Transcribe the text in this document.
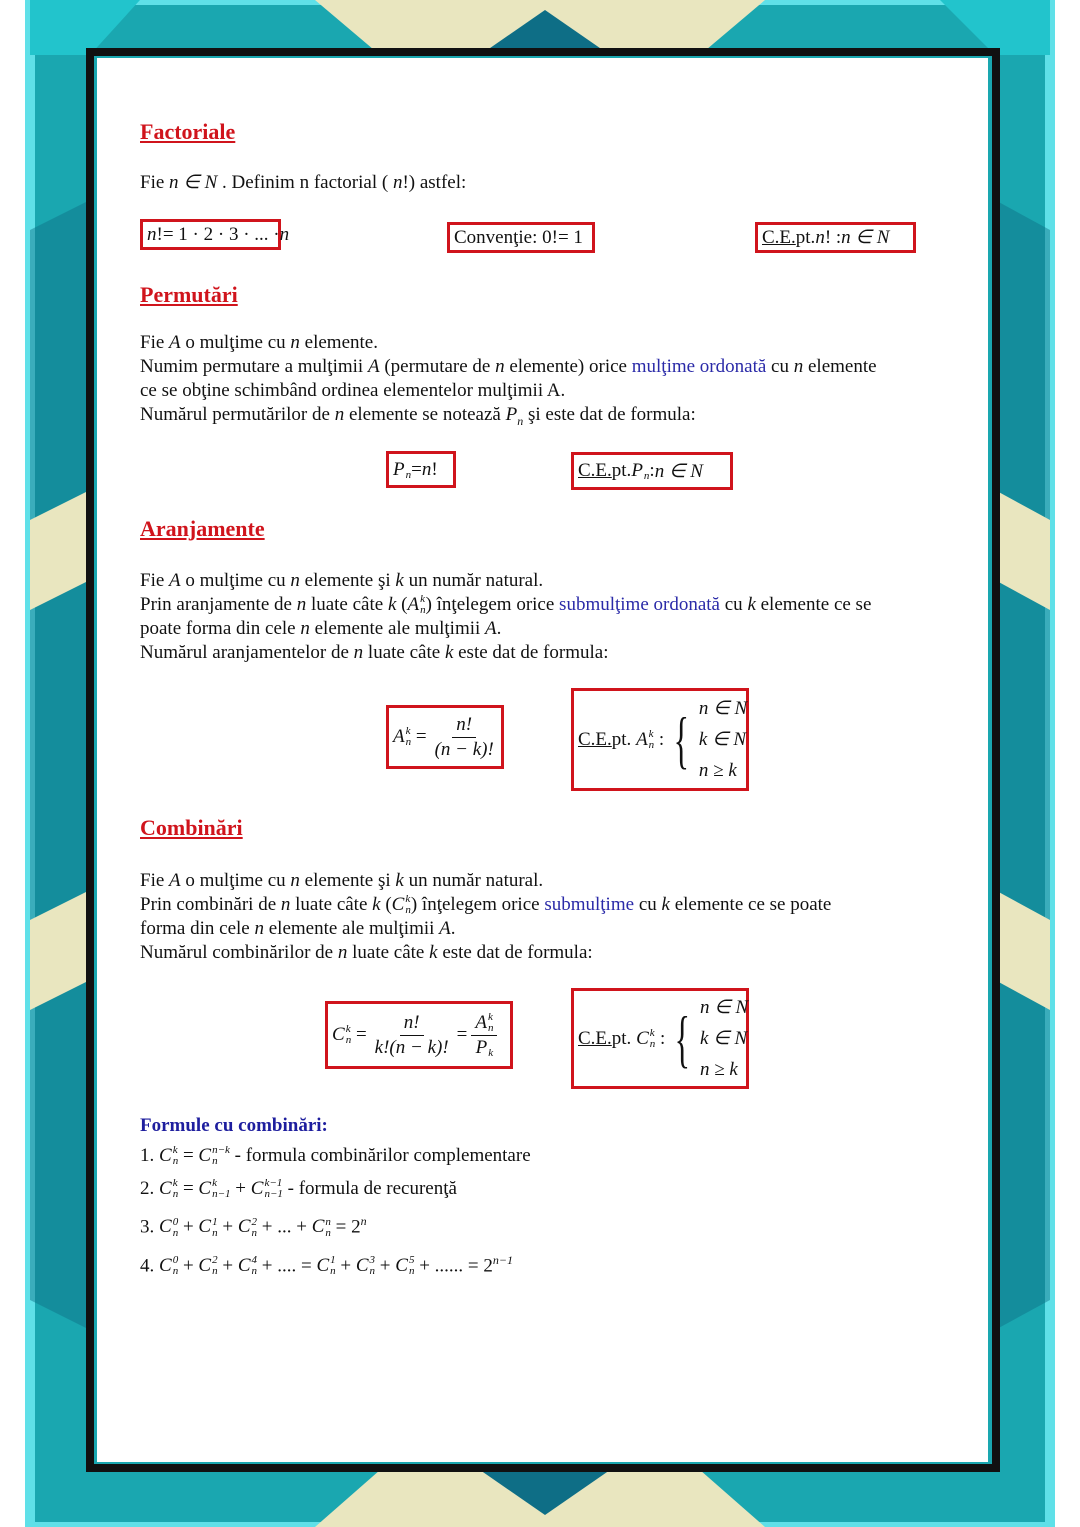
Factoriale
Fie n ∈ N . Definim n factorial ( n!) astfel:
n != 1 · 2 · 3 · ... · n	Convenţie: 0!= 1	C.E. pt. n ! : n ∈ N
Permutări
Fie A o mulţime cu n elemente.
Numim permutare a mulţimii A (permutare de n elemente) orice mulţime ordonată cu n elemente
ce se obţine schimbând ordinea elementelor mulţimii A.
Numărul permutărilor de n elemente se notează $P_n$ şi este dat de formula:
P
n = n !	C.E. pt. P
n : n ∈ N
Aranjamente
Fie A o mulţime cu n elemente şi k un număr natural.
Prin aranjamente de n luate câte k ( A k
n ) înţelegem orice submulţime ordonată cu k elemente ce se
poate forma din cele n elemente ale mulţimii A.
Numărul aranjamentelor de n luate câte k este dat de formula:
A k
$n = \frac{n!}{(n - k)!}$	C.E. pt.
A k
n : { n ∈ N
k ∈ N
n ≥ k
Combinări
Fie A o mulţime cu n elemente şi k un număr natural.
Prin combinări de n luate câte k ( C k
n ) înţelegem orice submulţime cu k elemente ce se poate
forma din cele n elemente ale mulţimii A.
Numărul combinărilor de n luate câte k este dat de formula:
C k
$n = \frac{n!}{k!(n - k)!} = A$ k
n
P
k	C.E. pt.
C k
n : { n ∈ N
k ∈ N
n ≥ k
Formule cu combinări:
1. C k
n = C n−k
n - formula combinărilor complementare
2. C k
n = C k
n−1 + C k−1
n−1 - formula de recurenţă
3. C 0
n + C 1
n + C 2
n + ... + C n
$n = 2^n$
4. C 0
n + C 2
n + C 4
n + .... = C 1
n + C 3
n + C 5
n + ...... = $2^{n-1}$
